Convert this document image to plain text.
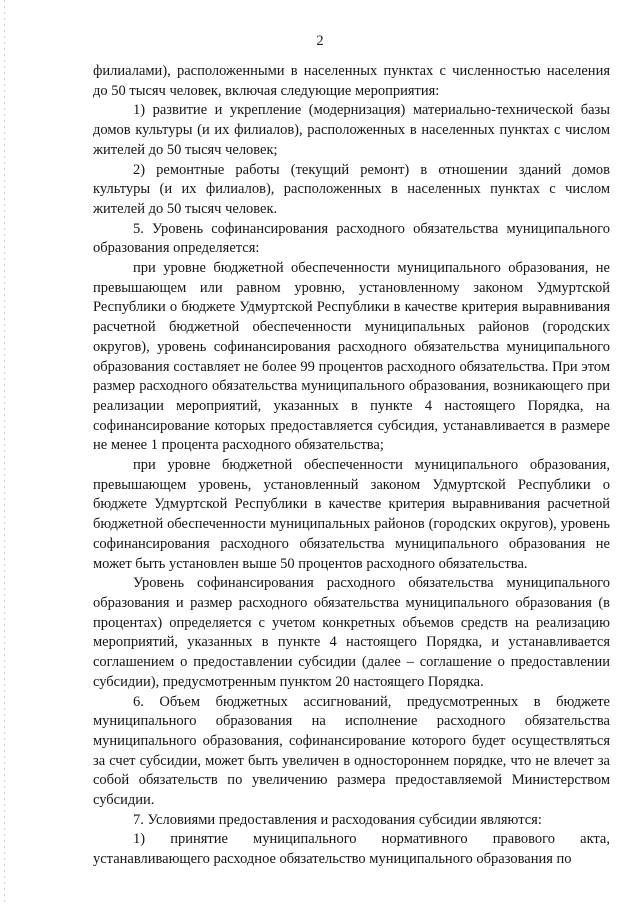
2

филиалами), расположенными в населенных пунктах с численностью населения до 50 тысяч человек, включая следующие мероприятия:

1) развитие и укрепление (модернизация) материально-технической базы домов культуры (и их филиалов), расположенных в населенных пунктах с числом жителей до 50 тысяч человек;

2) ремонтные работы (текущий ремонт) в отношении зданий домов культуры (и их филиалов), расположенных в населенных пунктах с числом жителей до 50 тысяч человек.

5. Уровень софинансирования расходного обязательства муниципального образования определяется:

при уровне бюджетной обеспеченности муниципального образования, не превышающем или равном уровню, установленному законом Удмуртской Республики о бюджете Удмуртской Республики в качестве критерия выравнивания расчетной бюджетной обеспеченности муниципальных районов (городских округов), уровень софинансирования расходного обязательства муниципального образования составляет не более 99 процентов расходного обязательства. При этом размер расходного обязательства муниципального образования, возникающего при реализации мероприятий, указанных в пункте 4 настоящего Порядка, на софинансирование которых предоставляется субсидия, устанавливается в размере не менее 1 процента расходного обязательства;

при уровне бюджетной обеспеченности муниципального образования, превышающем уровень, установленный законом Удмуртской Республики о бюджете Удмуртской Республики в качестве критерия выравнивания расчетной бюджетной обеспеченности муниципальных районов (городских округов), уровень софинансирования расходного обязательства муниципального образования не может быть установлен выше 50 процентов расходного обязательства.

Уровень софинансирования расходного обязательства муниципального образования и размер расходного обязательства муниципального образования (в процентах) определяется с учетом конкретных объемов средств на реализацию мероприятий, указанных в пункте 4 настоящего Порядка, и устанавливается соглашением о предоставлении субсидии (далее – соглашение о предоставлении субсидии), предусмотренным пунктом 20 настоящего Порядка.

6. Объем бюджетных ассигнований, предусмотренных в бюджете муниципального образования на исполнение расходного обязательства муниципального образования, софинансирование которого будет осуществляться за счет субсидии, может быть увеличен в одностороннем порядке, что не влечет за собой обязательств по увеличению размера предоставляемой Министерством субсидии.

7. Условиями предоставления и расходования субсидии являются:

1) принятие муниципального нормативного правового акта, устанавливающего расходное обязательство муниципального образования по
